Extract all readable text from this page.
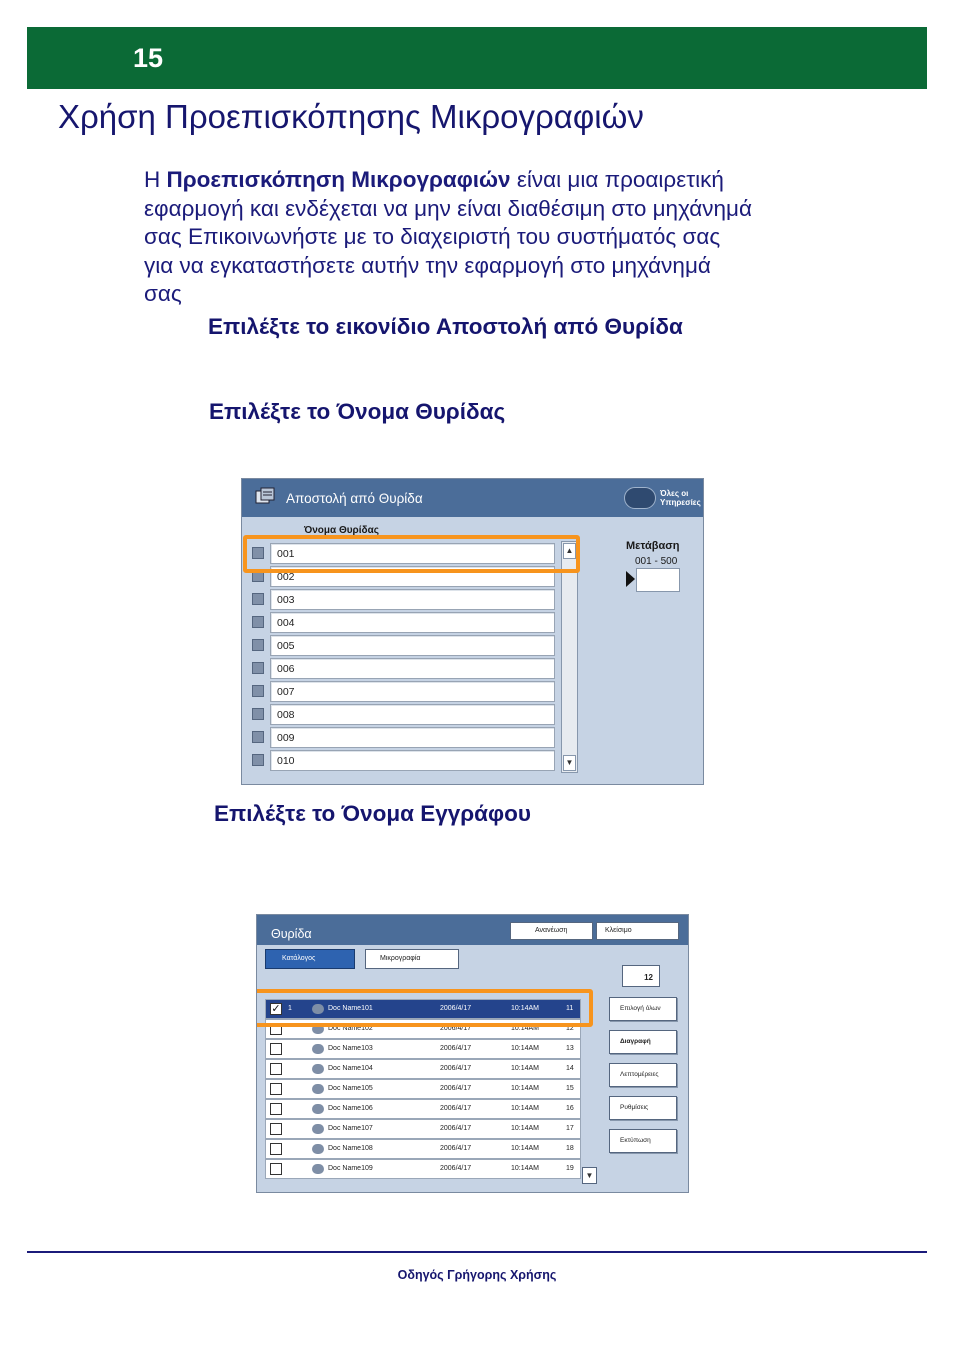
15
Χρήση Προεπισκόπησης Μικρογραφιών
Η Προεπισκόπηση Μικρογραφιών είναι μια προαιρετική
εφαρμογή και ενδέχεται να μην είναι διαθέσιμη στο μηχάνημά
σας Επικοινωνήστε με το διαχειριστή του συστήματός σας
για να εγκαταστήσετε αυτήν την εφαρμογή στο μηχάνημά
σας
Επιλέξτε το εικονίδιο Αποστολή από Θυρίδα
Επιλέξτε το Όνομα Θυρίδας
Αποστολή από Θυρίδα	Όλες οι Υπηρεσίες
Όνομα Θυρίδας
001
002
003
004
005
006
007
008
009
010
▲
▼
Μετάβαση
001 - 500
Επιλέξτε το Όνομα Εγγράφου
Θυρίδα	Ανανέωση	Κλείσιμο
Κατάλογος	Μικρογραφία
12
✓ 1	Doc Name101	2006/4/17	10:14AM	11
Doc Name102	2006/4/17	10:14AM	12
Doc Name103	2006/4/17	10:14AM	13
Doc Name104	2006/4/17	10:14AM	14
Doc Name105	2006/4/17	10:14AM	15
Doc Name106	2006/4/17	10:14AM	16
Doc Name107	2006/4/17	10:14AM	17
Doc Name108	2006/4/17	10:14AM	18
Doc Name109	2006/4/17	10:14AM	19
▼
Επιλογή όλων
Διαγραφή
Λεπτομέρειες
Ρυθμίσεις
Εκτύπωση
Οδηγός Γρήγορης Χρήσης
